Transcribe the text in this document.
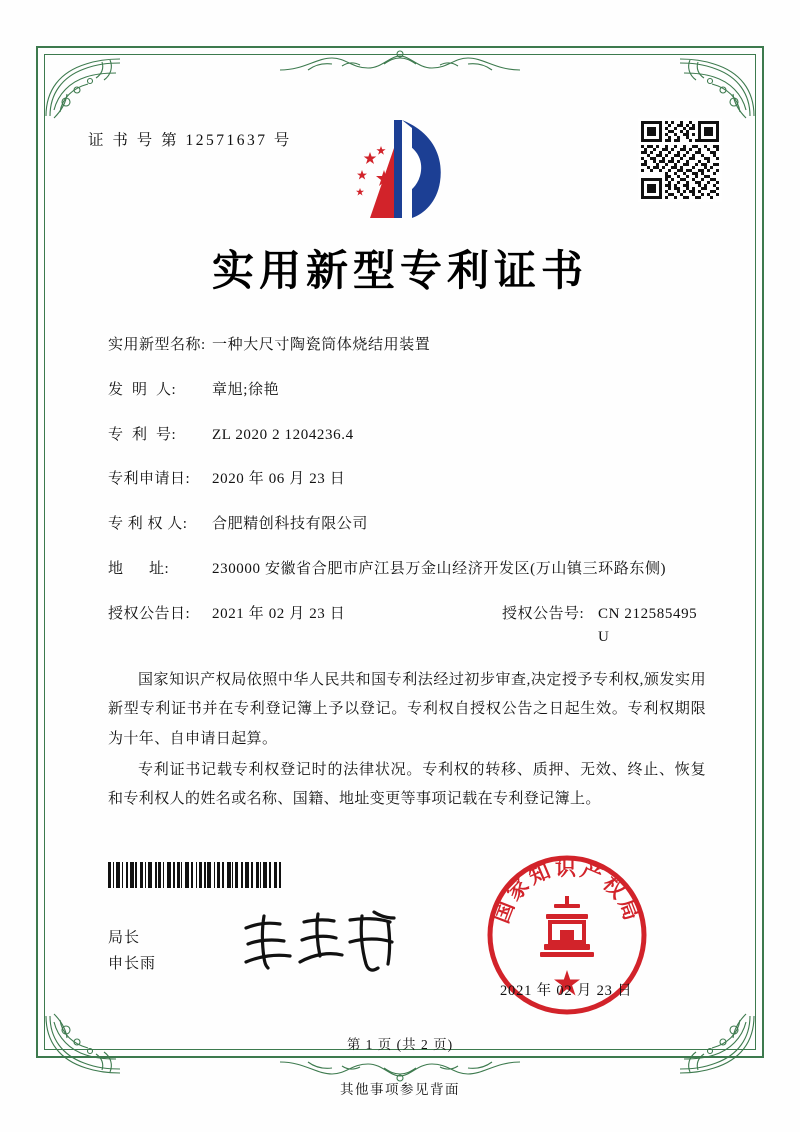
证 书 号 第 12571637 号
实用新型专利证书
实用新型名称: 一种大尺寸陶瓷筒体烧结用装置
发  明  人:	章旭;徐艳
专  利  号:	ZL 2020 2 1204236.4
专利申请日:	2020 年 06 月 23 日
专 利 权 人:	合肥精创科技有限公司
地      址:	230000 安徽省合肥市庐江县万金山经济开发区(万山镇三环路东侧)
授权公告日:	2021 年 02 月 23 日	授权公告号: CN 212585495 U

国家知识产权局依照中华人民共和国专利法经过初步审查,决定授予专利权,颁发实用新型专利证书并在专利登记簿上予以登记。专利权自授权公告之日起生效。专利权期限为十年、自申请日起算。

专利证书记载专利权登记时的法律状况。专利权的转移、质押、无效、终止、恢复和专利权人的姓名或名称、国籍、地址变更等事项记载在专利登记簿上。

局长
申长雨
国家知识产权局
2021 年 02 月 23 日
第 1 页 (共 2 页)
其他事项参见背面
